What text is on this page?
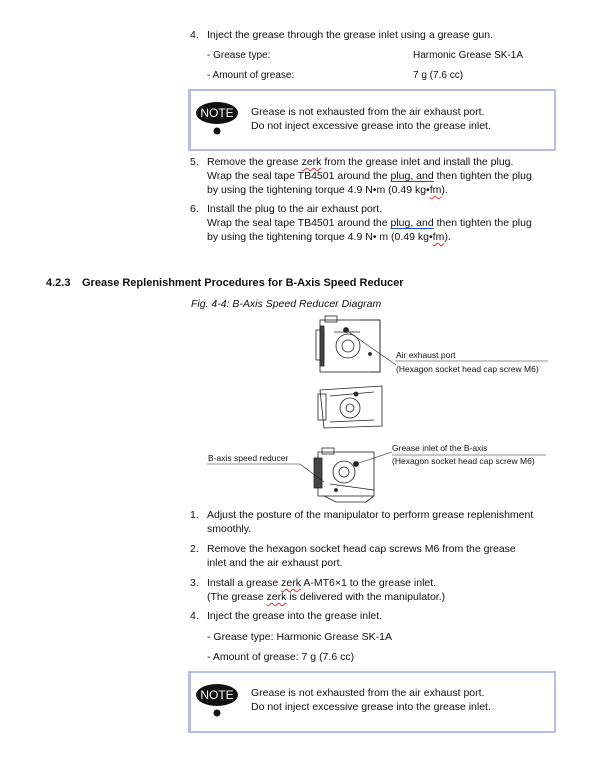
4. Inject the grease through the grease inlet using a grease gun.
- Grease type:	Harmonic Grease SK-1A
- Amount of grease:	7 g (7.6 cc)
NOTE Grease is not exhausted from the air exhaust port.
Do not inject excessive grease into the grease inlet.
5. Remove the grease zerk from the grease inlet and install the plug.
Wrap the seal tape TB4501 around the plug, and then tighten the plug
by using the tightening torque 4.9 N•m (0.49 kg•fm).
6. Install the plug to the air exhaust port.
Wrap the seal tape TB4501 around the plug, and then tighten the plug
by using the tightening torque 4.9 N• m (0.49 kg•fm).
4.2.3 Grease Replenishment Procedures for B-Axis Speed Reducer
Fig. 4-4: B-Axis Speed Reducer Diagram
Air exhaust port
(Hexagon socket head cap screw M6)
Grease inlet of the B-axis
(Hexagon socket head cap screw M6)
B-axis speed reducer
1. Adjust the posture of the manipulator to perform grease replenishment
smoothly.
2. Remove the hexagon socket head cap screws M6 from the grease
inlet and the air exhaust port.
3. Install a grease zerk A-MT6×1 to the grease inlet.
(The grease zerk is delivered with the manipulator.)
4. Inject the grease into the grease inlet.
- Grease type: Harmonic Grease SK-1A
- Amount of grease: 7 g (7.6 cc)
NOTE Grease is not exhausted from the air exhaust port.
Do not inject excessive grease into the grease inlet.
